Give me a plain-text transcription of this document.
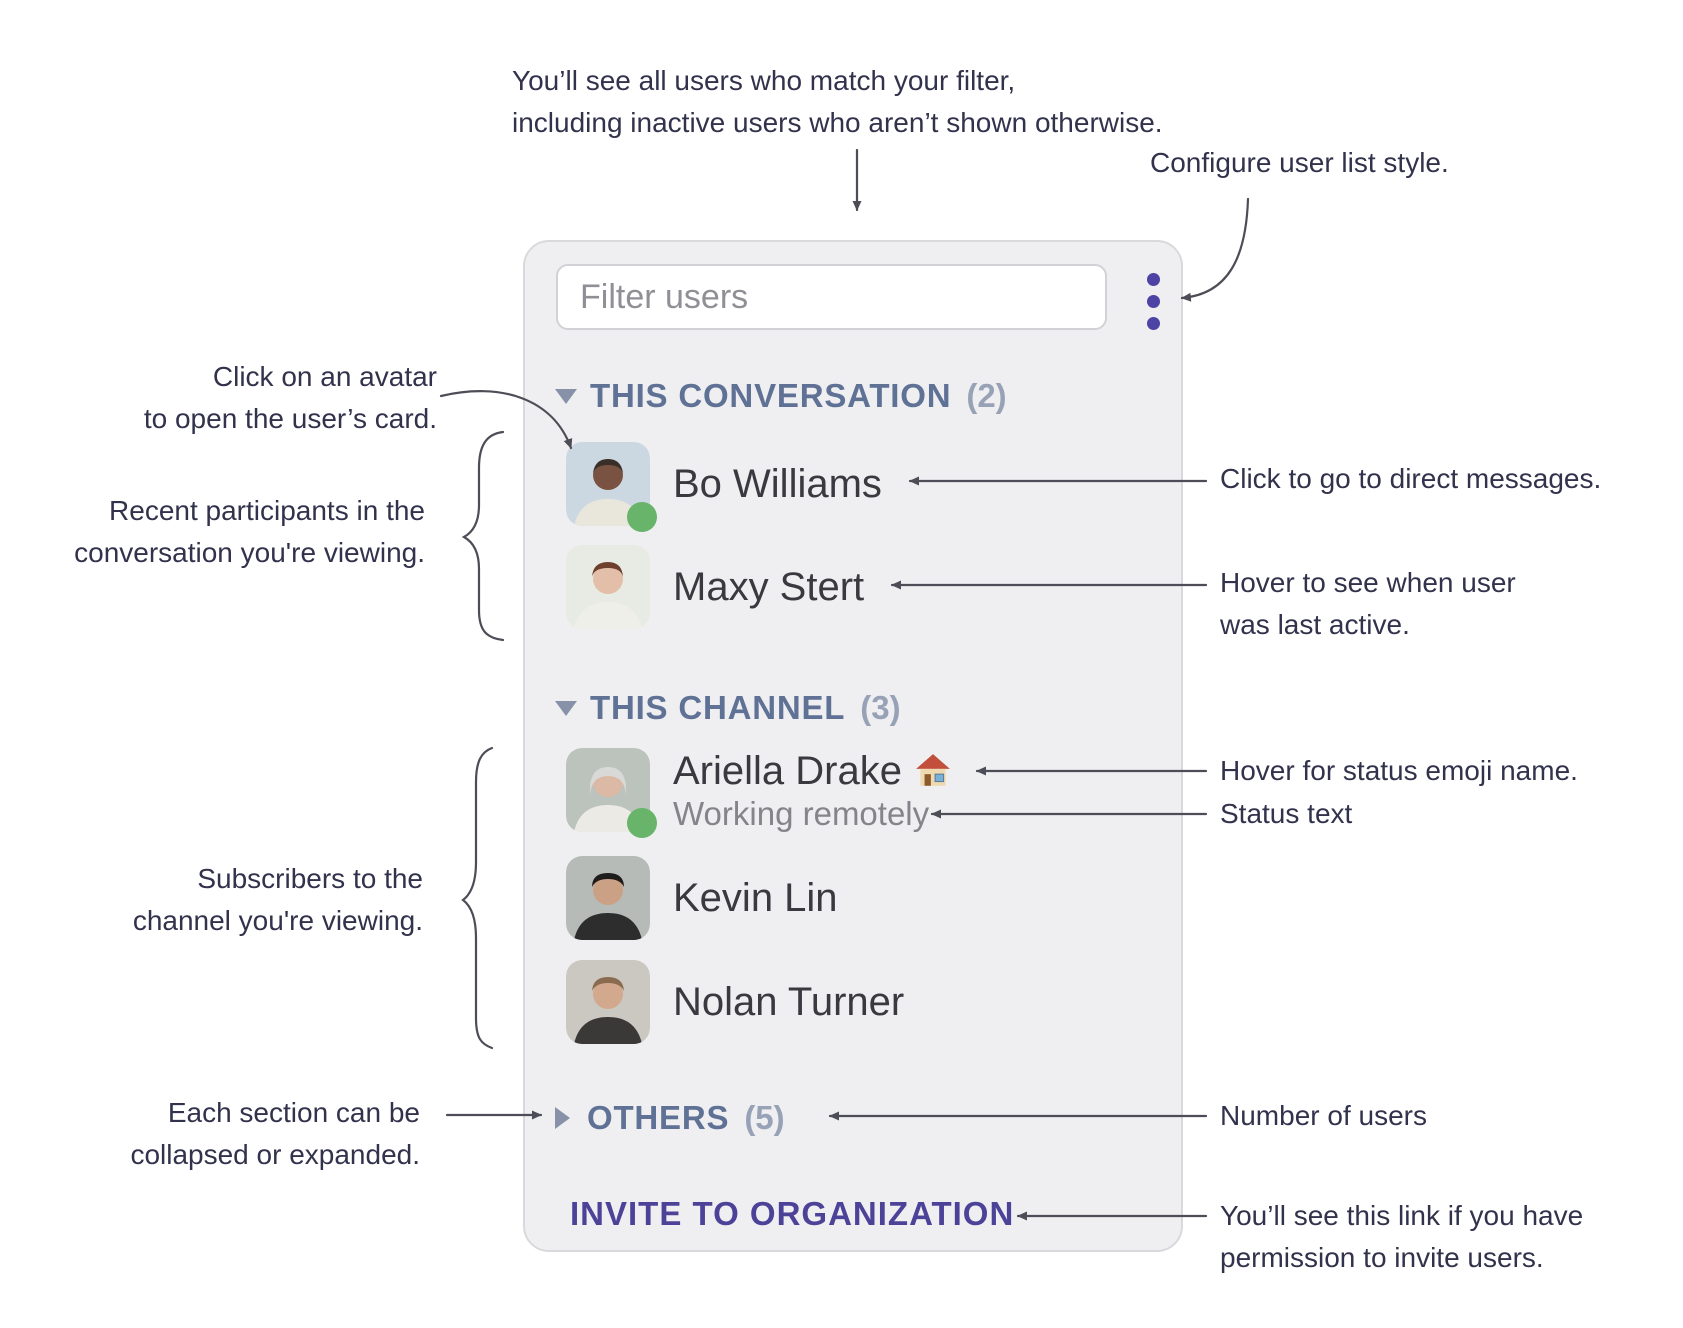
Filter users
THIS CONVERSATION (2)
Bo Williams
Maxy Stert
THIS CHANNEL (3)
Ariella Drake
Working remotely
Kevin Lin
Nolan Turner
OTHERS (5)
INVITE TO ORGANIZATION
You’ll see all users who match your filter,
including inactive users who aren’t shown otherwise.
Configure user list style.
Click on an avatar
to open the user’s card.
Recent participants in the
conversation you're viewing.
Subscribers to the
channel you're viewing.
Each section can be
collapsed or expanded.
Click to go to direct messages.
Hover to see when user
was last active.
Hover for status emoji name.
Status text
Number of users
You’ll see this link if you have
permission to invite users.
